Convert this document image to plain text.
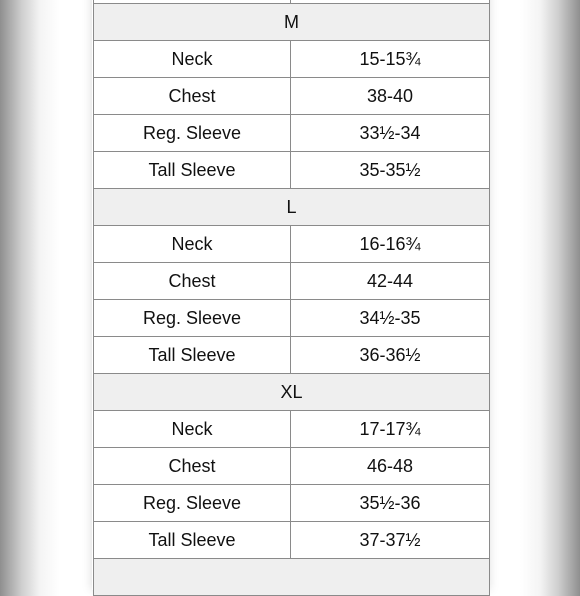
M	
Neck	15-15¾
Chest	38-40
Reg. Sleeve	33½-34
Tall Sleeve	35-35½
L	
Neck	16-16¾
Chest	42-44
Reg. Sleeve	34½-35
Tall Sleeve	36-36½
XL	
Neck	17-17¾
Chest	46-48
Reg. Sleeve	35½-36
Tall Sleeve	37-37½
